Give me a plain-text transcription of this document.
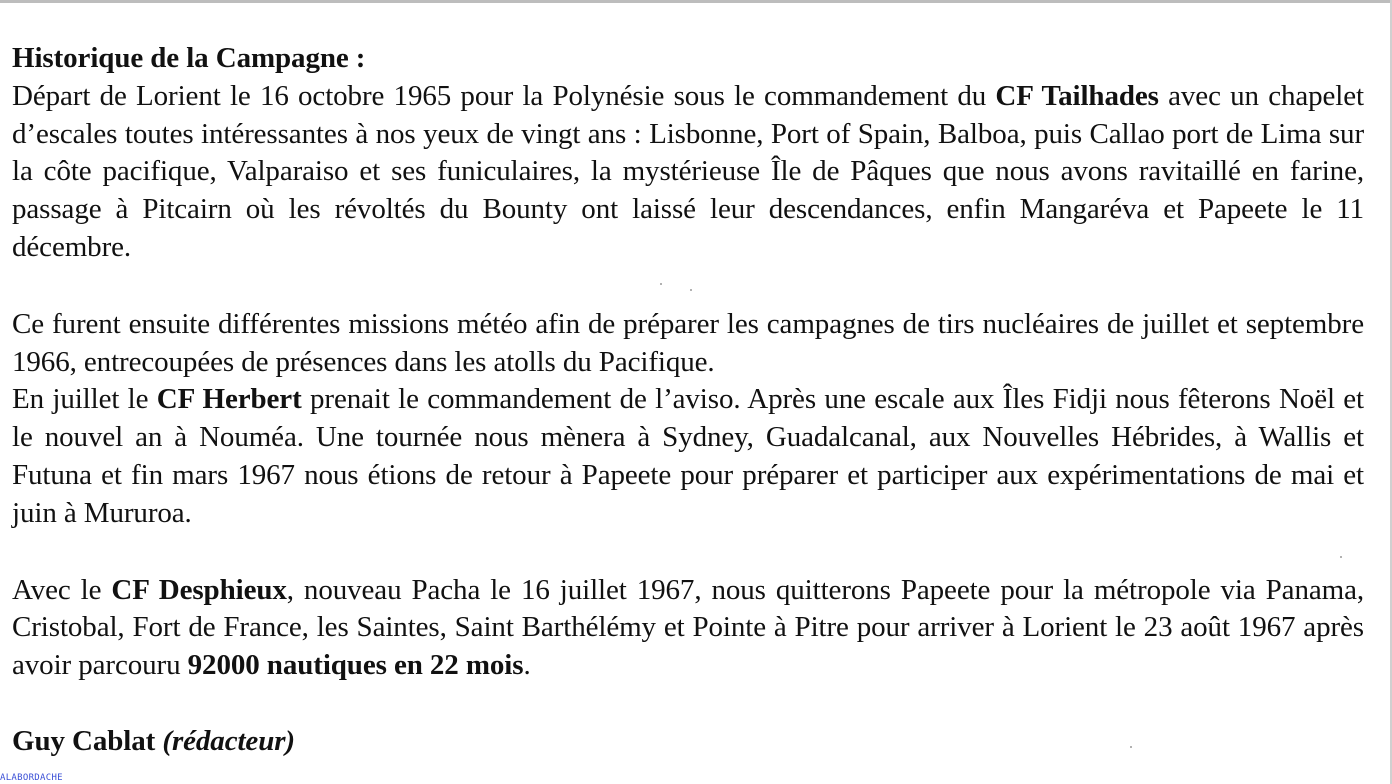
Historique de la Campagne :

Départ de Lorient le 16 octobre 1965 pour la Polynésie sous le commandement du CF Tailhades avec un chapelet d’escales toutes intéressantes à nos yeux de vingt ans : Lisbonne, Port of Spain, Balboa, puis Callao port de Lima sur la côte pacifique, Valparaiso et ses funiculaires, la mystérieuse Île de Pâques que nous avons ravitaillé en farine, passage à Pitcairn où les révoltés du Bounty ont laissé leur descendances, enfin Mangaréva et Papeete le 11 décembre.

Ce furent ensuite différentes missions météo afin de préparer les campagnes de tirs nucléaires de juillet et septembre 1966, entrecoupées de présences dans les atolls du Pacifique.

En juillet le CF Herbert prenait le commandement de l’aviso. Après une escale aux Îles Fidji nous fêterons Noël et le nouvel an à Nouméa. Une tournée nous mènera à Sydney, Guadalcanal, aux Nouvelles Hébrides, à Wallis et Futuna et fin mars 1967 nous étions de retour à Papeete pour préparer et participer aux expérimentations de mai et juin à Mururoa.

Avec le CF Desphieux, nouveau Pacha le 16 juillet 1967, nous quitterons Papeete pour la métropole via Panama, Cristobal, Fort de France, les Saintes, Saint Barthélémy et Pointe à Pitre pour arriver à Lorient le 23 août 1967 après avoir parcouru 92000 nautiques en 22 mois.

Guy Cablat (rédacteur)

ALABORDACHE
